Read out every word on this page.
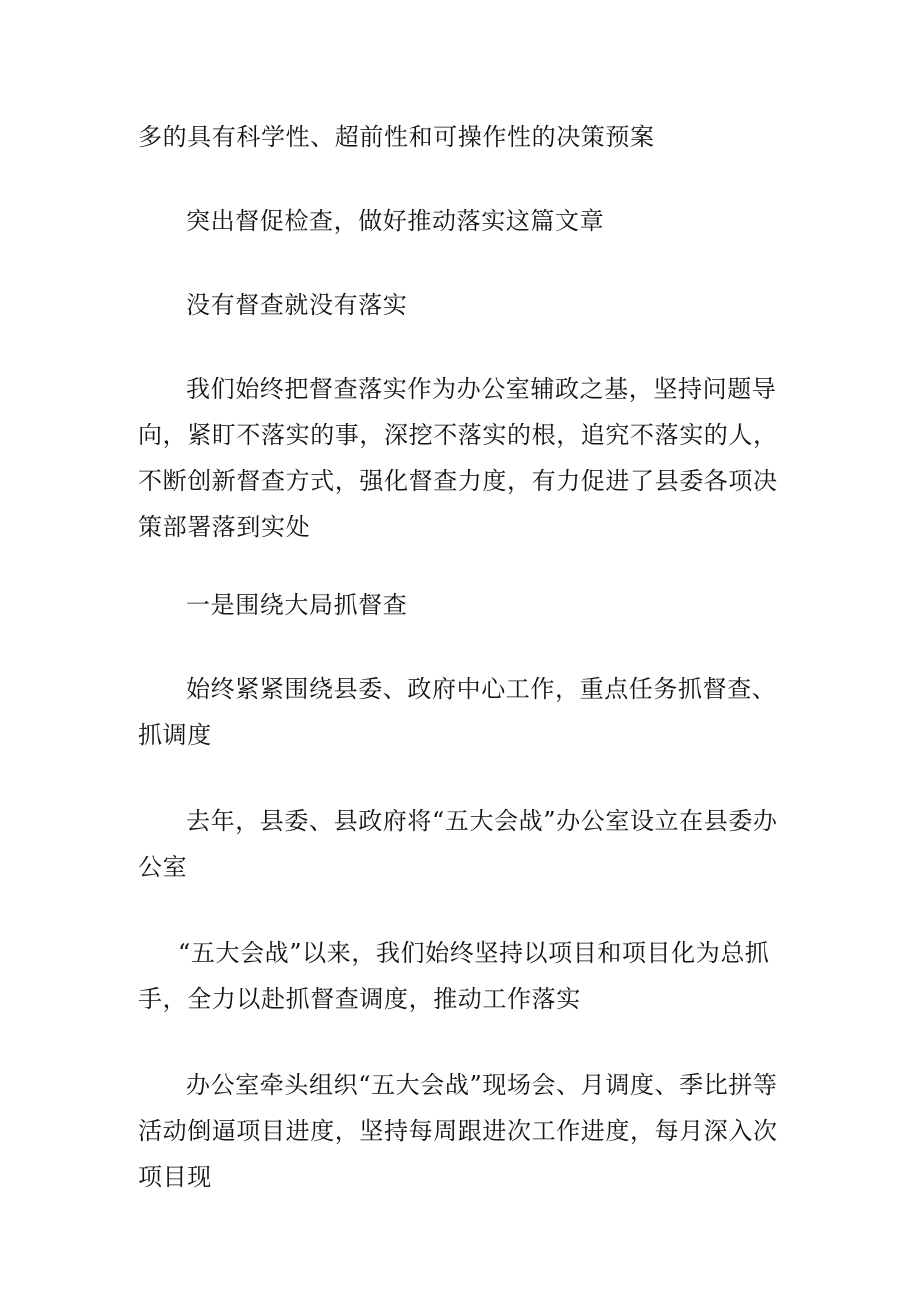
多的具有科学性、超前性和可操作性的决策预案

突出督促检查，做好推动落实这篇文章

没有督查就没有落实

我们始终把督查落实作为办公室辅政之基，坚持问题导向，紧盯不落实的事，深挖不落实的根，追究不落实的人，不断创新督查方式，强化督查力度，有力促进了县委各项决策部署落到实处

一是围绕大局抓督查

始终紧紧围绕县委、政府中心工作，重点任务抓督查、抓调度

去年，县委、县政府将“五大会战”办公室设立在县委办公室

“五大会战”以来，我们始终坚持以项目和项目化为总抓手，全力以赴抓督查调度，推动工作落实

办公室牵头组织“五大会战”现场会、月调度、季比拼等活动倒逼项目进度，坚持每周跟进次工作进度，每月深入次项目现
